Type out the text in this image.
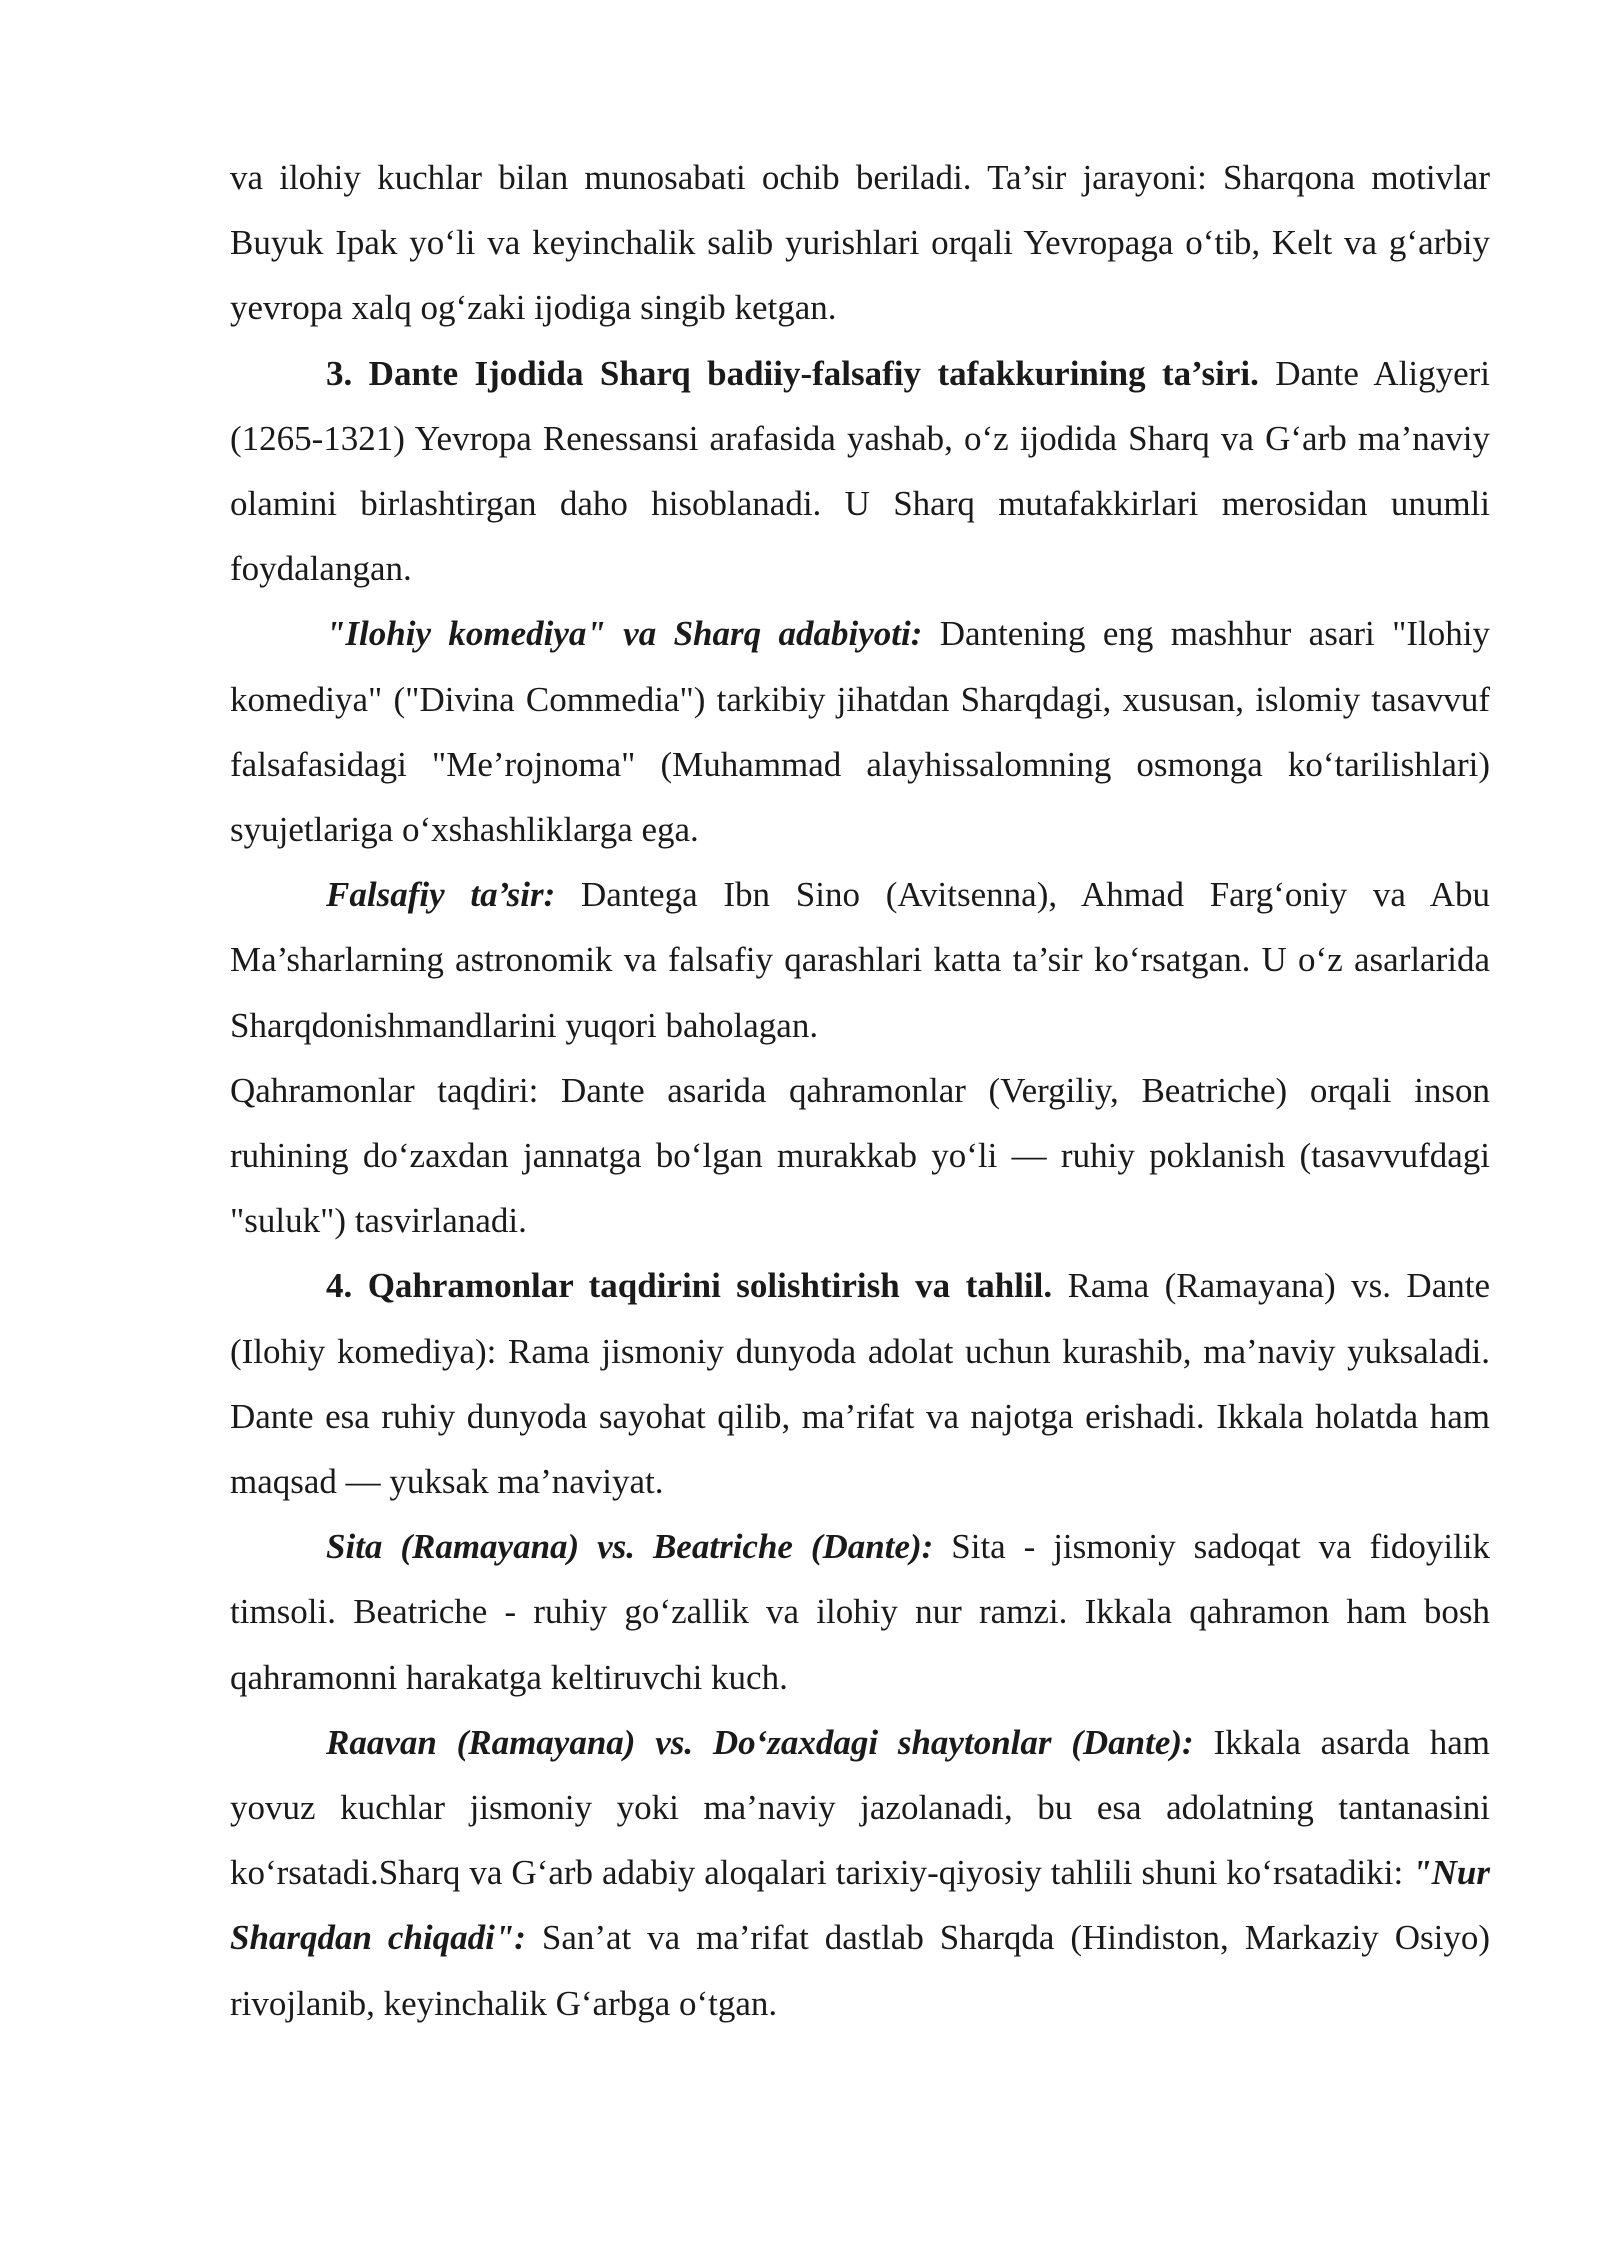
va ilohiy kuchlar bilan munosabati ochib beriladi. Ta’sir jarayoni: Sharqona motivlar Buyuk Ipak yo‘li va keyinchalik salib yurishlari orqali Yevropaga o‘tib, Kelt va g‘arbiy yevropa xalq og‘zaki ijodiga singib ketgan.

3. Dante Ijodida Sharq badiiy-falsafiy tafakkurining ta’siri. Dante Aligyeri (1265-1321) Yevropa Renessansi arafasida yashab, o‘z ijodida Sharq va G‘arb ma’naviy olamini birlashtirgan daho hisoblanadi. U Sharq mutafakkirlari merosidan unumli foydalangan.

"Ilohiy komediya" va Sharq adabiyoti: Dantening eng mashhur asari "Ilohiy komediya" ("Divina Commedia") tarkibiy jihatdan Sharqdagi, xususan, islomiy tasavvuf falsafasidagi "Me’rojnoma" (Muhammad alayhissalomning osmonga ko‘tarilishlari) syujetlariga o‘xshashliklarga ega.

Falsafiy ta’sir: Dantega Ibn Sino (Avitsenna), Ahmad Farg‘oniy va Abu Ma’sharlarning astronomik va falsafiy qarashlari katta ta’sir ko‘rsatgan. U o‘z asarlarida Sharqdonishmandlarini yuqori baholagan.

Qahramonlar taqdiri: Dante asarida qahramonlar (Vergiliy, Beatriche) orqali inson ruhining do‘zaxdan jannatga bo‘lgan murakkab yo‘li — ruhiy poklanish (tasavvufdagi "suluk") tasvirlanadi.

4. Qahramonlar taqdirini solishtirish va tahlil. Rama (Ramayana) vs. Dante (Ilohiy komediya): Rama jismoniy dunyoda adolat uchun kurashib, ma’naviy yuksaladi. Dante esa ruhiy dunyoda sayohat qilib, ma’rifat va najotga erishadi. Ikkala holatda ham maqsad — yuksak ma’naviyat.

Sita (Ramayana) vs. Beatriche (Dante): Sita - jismoniy sadoqat va fidoyilik timsoli. Beatriche - ruhiy go‘zallik va ilohiy nur ramzi. Ikkala qahramon ham bosh qahramonni harakatga keltiruvchi kuch.

Raavan (Ramayana) vs. Do‘zaxdagi shaytonlar (Dante): Ikkala asarda ham yovuz kuchlar jismoniy yoki ma’naviy jazolanadi, bu esa adolatning tantanasini ko‘rsatadi.Sharq va G‘arb adabiy aloqalari tarixiy-qiyosiy tahlili shuni ko‘rsatadiki: "Nur Sharqdan chiqadi": San’at va ma’rifat dastlab Sharqda (Hindiston, Markaziy Osiyo) rivojlanib, keyinchalik G‘arbga o‘tgan.
